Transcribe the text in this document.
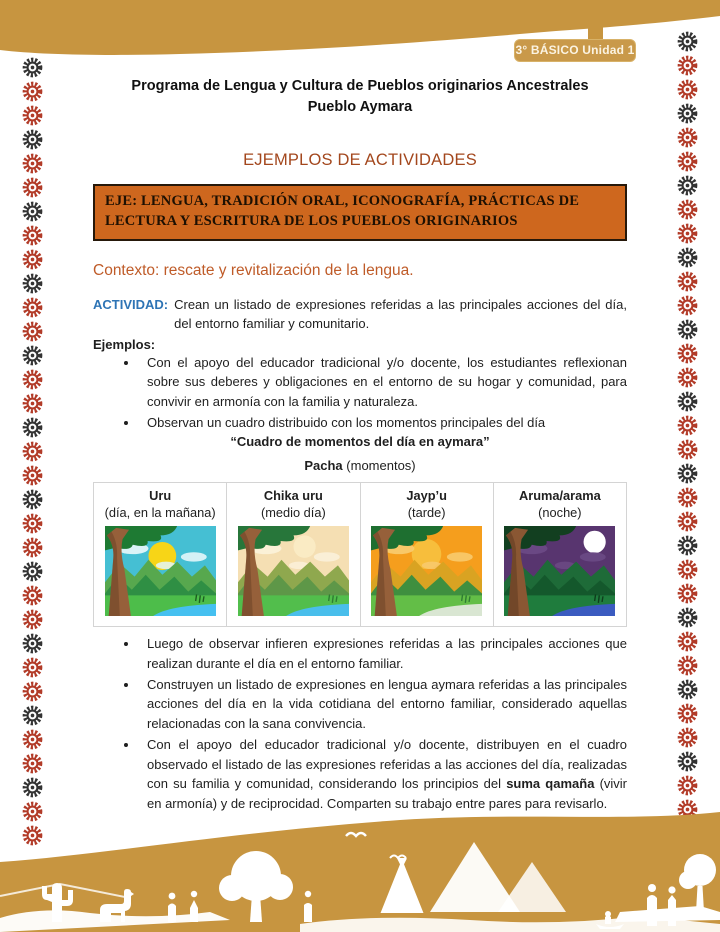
3° BÁSICO Unidad 1
Programa de Lengua y Cultura de Pueblos originarios Ancestrales
Pueblo Aymara
EJEMPLOS DE ACTIVIDADES
EJE: LENGUA, TRADICIÓN ORAL, ICONOGRAFÍA, PRÁCTICAS DE LECTURA Y ESCRITURA DE LOS PUEBLOS ORIGINARIOS
Contexto: rescate y revitalización de la lengua.
ACTIVIDAD: Crean un listado de expresiones referidas a las principales acciones del día, del entorno familiar y comunitario.
Ejemplos:
• Con el apoyo del educador tradicional y/o docente, los estudiantes reflexionan sobre sus deberes y obligaciones en el entorno de su hogar y comunidad, para convivir en armonía con la familia y naturaleza.
• Observan un cuadro distribuido con los momentos principales del día
“Cuadro de momentos del día en aymara”
Pacha (momentos)
Uru
(día, en la mañana)

Chika uru
(medio día)

Jayp’u
(tarde)

Aruma/arama
(noche)
• Luego de observar infieren expresiones referidas a las principales acciones que realizan durante el día en el entorno familiar.
• Construyen un listado de expresiones en lengua aymara referidas a las principales acciones del día en la vida cotidiana del entorno familiar, considerado aquellas relacionadas con la sana convivencia.
• Con el apoyo del educador tradicional y/o docente, distribuyen en el cuadro observado el listado de las expresiones referidas a las acciones del día, realizadas con su familia y comunidad, considerando los principios del suma qamaña (vivir en armonía) y de reciprocidad. Comparten su trabajo entre pares para revisarlo.
